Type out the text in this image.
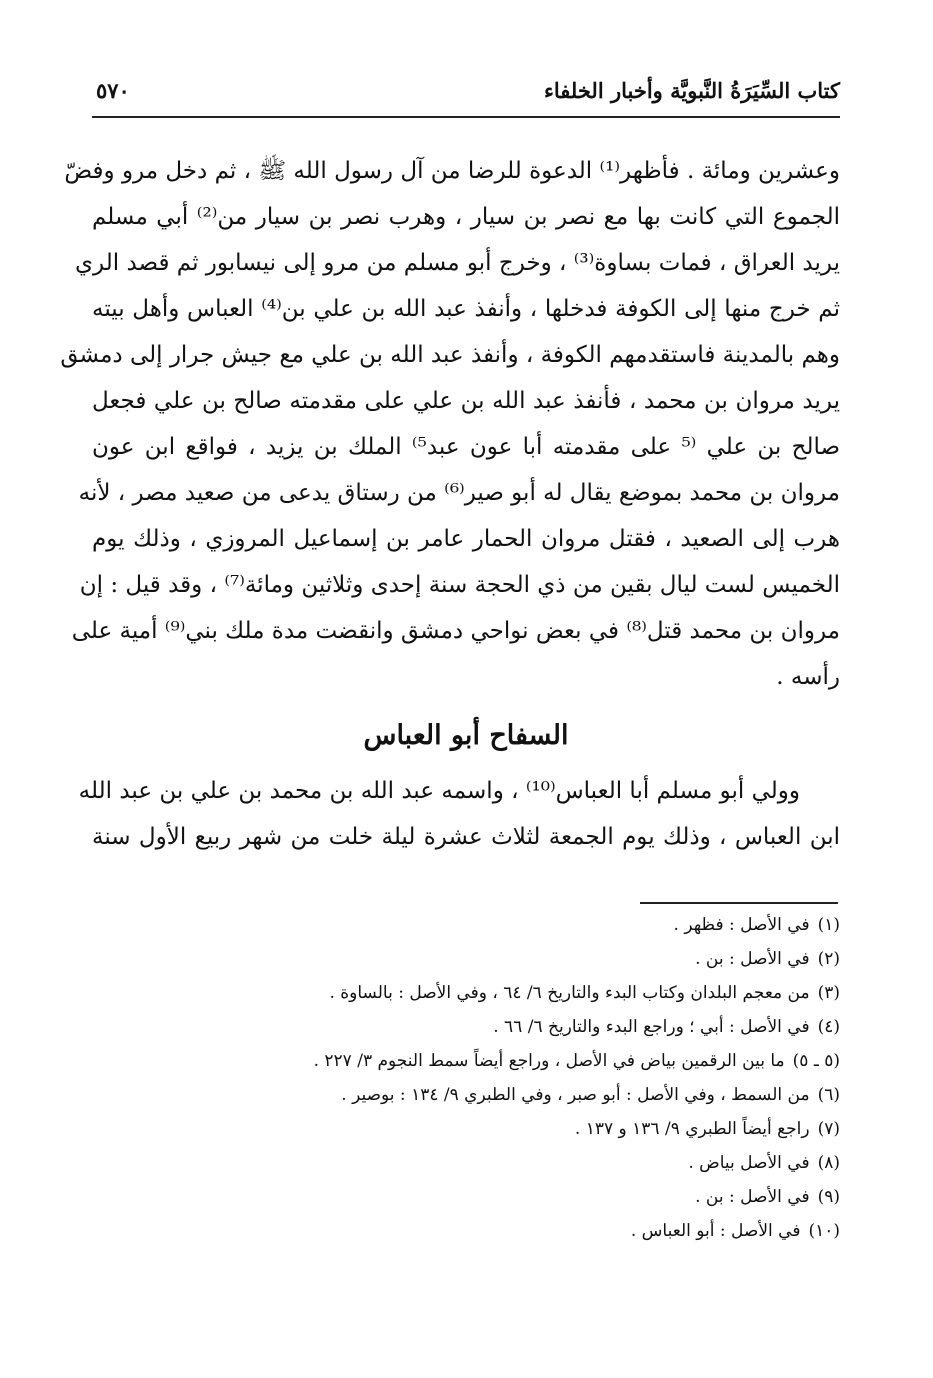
كتاب السِّيَرَةُ النَّبويَّة وأخبار الخلفاء
٥٧٠
وعشرين ومائة . فأظهر⁽¹⁾ الدعوة للرضا من آل رسول الله ﷺ ، ثم دخل مرو وفضّ
الجموع التي كانت بها مع نصر بن سيار ، وهرب نصر بن سيار من⁽²⁾ أبي مسلم
يريد العراق ، فمات بساوة⁽³⁾ ، وخرج أبو مسلم من مرو إلى نيسابور ثم قصد الري
ثم خرج منها إلى الكوفة فدخلها ، وأنفذ عبد الله بن علي بن⁽⁴⁾ العباس وأهل بيته
وهم بالمدينة فاستقدمهم الكوفة ، وأنفذ عبد الله بن علي مع جيش جرار إلى دمشق
يريد مروان بن محمد ، فأنفذ عبد الله بن علي على مقدمته صالح بن علي فجعل
صالح بن علي ⁽⁵ على مقدمته أبا عون عبد⁵⁾ الملك بن يزيد ، فواقع ابن عون
مروان بن محمد بموضع يقال له أبو صير⁽⁶⁾ من رستاق يدعى من صعيد مصر ، لأنه
هرب إلى الصعيد ، فقتل مروان الحمار عامر بن إسماعيل المروزي ، وذلك يوم
الخميس لست ليال بقين من ذي الحجة سنة إحدى وثلاثين ومائة⁽⁷⁾ ، وقد قيل : إن
مروان بن محمد قتل⁽⁸⁾ في بعض نواحي دمشق وانقضت مدة ملك بني⁽⁹⁾ أمية على
رأسه .
السفاح أبو العباس
وولي أبو مسلم أبا العباس⁽¹⁰⁾ ، واسمه عبد الله بن محمد بن علي بن عبد الله
ابن العباس ، وذلك يوم الجمعة لثلاث عشرة ليلة خلت من شهر ربيع الأول سنة
(١)في الأصل : فظهر .
(٢)في الأصل : بن .
(٣)من معجم البلدان وكتاب البدء والتاريخ ٦/ ٦٤ ، وفي الأصل : بالساوة .
(٤)في الأصل : أبي ؛ وراجع البدء والتاريخ ٦/ ٦٦ .
(٥ ـ ٥)ما بين الرقمين بياض في الأصل ، وراجع أيضاً سمط النجوم ٣/ ٢٢٧ .
(٦)من السمط ، وفي الأصل : أبو صبر ، وفي الطبري ٩/ ١٣٤ : بوصير .
(٧)راجع أيضاً الطبري ٩/ ١٣٦ و ١٣٧ .
(٨)في الأصل بياض .
(٩)في الأصل : بن .
(١٠)في الأصل : أبو العباس .
